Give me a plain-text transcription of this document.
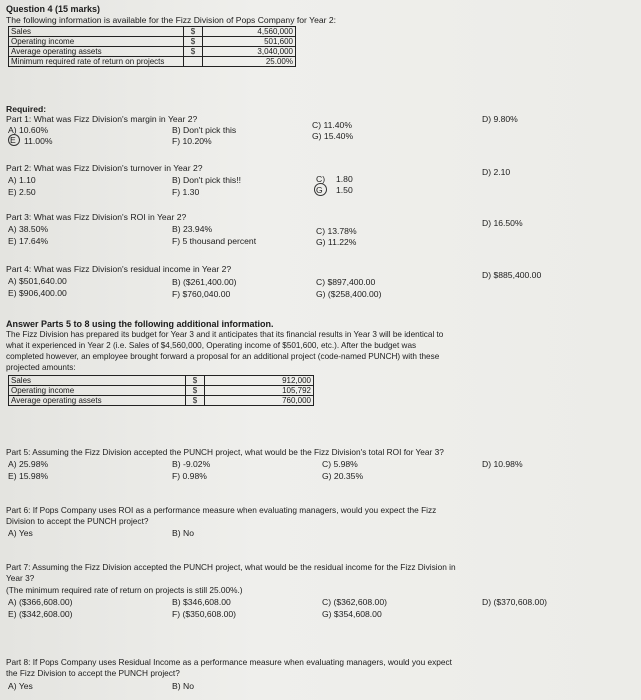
Question 4 (15 marks)
The following information is available for the Fizz Division of Pops Company for Year 2:
Sales	$	4,560,000
Operating income	$	501,600
Average operating assets	$	3,040,000
Minimum required rate of return on projects		25.00%
Required:
Part 1: What was Fizz Division's margin in Year 2?
A) 10.60%	B) Don't pick this	C) 11.40%
D) 9.80%
E 11.00%	F) 10.20%	G) 15.40%
Part 2: What was Fizz Division's turnover in Year 2?
A) 1.10	B) Don't pick this!!	C) 1.80
D) 2.10
E) 2.50	F) 1.30	G 1.50
Part 3: What was Fizz Division's ROI in Year 2?
A) 38.50%	B) 23.94%	C) 13.78%
D) 16.50%
E) 17.64%	F) 5 thousand percent	G) 11.22%
Part 4: What was Fizz Division's residual income in Year 2?
A) $501,640.00	B) ($261,400.00)	C) $897,400.00
D) $885,400.00
E) $906,400.00	F) $760,040.00	G) ($258,400.00)
Answer Parts 5 to 8 using the following additional information.
The Fizz Division has prepared its budget for Year 3 and it anticipates that its financial results in Year 3 will be identical to
what it experienced in Year 2 (i.e. Sales of $4,560,000, Operating income of $501,600, etc.). After the budget was
completed however, an employee brought forward a proposal for an additional project (code-named PUNCH) with these
projected amounts:
Sales	$	912,000
Operating income	$	105,792
Average operating assets	$	760,000
Part 5: Assuming the Fizz Division accepted the PUNCH project, what would be the Fizz Division's total ROI for Year 3?
A) 25.98%	B) -9.02%	C) 5.98%	D) 10.98%
E) 15.98%	F) 0.98%	G) 20.35%
Part 6: If Pops Company uses ROI as a performance measure when evaluating managers, would you expect the Fizz
Division to accept the PUNCH project?
A) Yes	B) No
Part 7: Assuming the Fizz Division accepted the PUNCH project, what would be the residual income for the Fizz Division in
Year 3?
(The minimum required rate of return on projects is still 25.00%.)
A) ($366,608.00)	B) $346,608.00	C) ($362,608.00)	D) ($370,608.00)
E) ($342,608.00)	F) ($350,608.00)	G) $354,608.00
Part 8: If Pops Company uses Residual Income as a performance measure when evaluating managers, would you expect
the Fizz Division to accept the PUNCH project?
A) Yes	B) No
